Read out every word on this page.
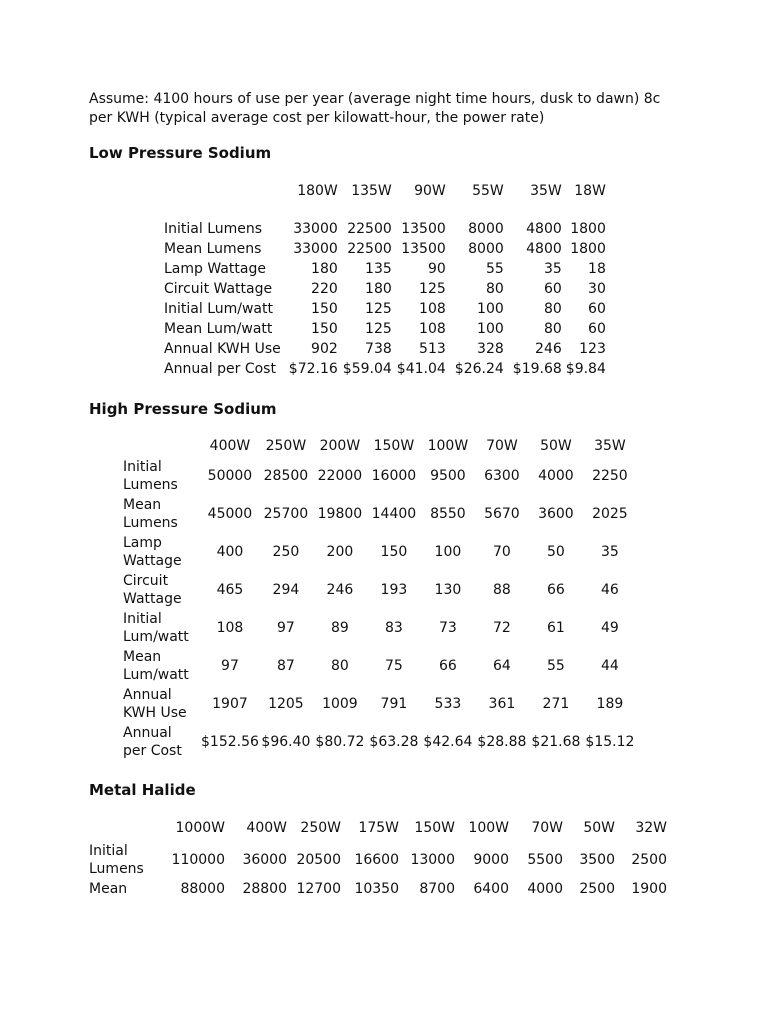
Assume: 4100 hours of use per year (average night time hours, dusk to dawn) 8c per KWH (typical average cost per kilowatt-hour, the power rate)

Low Pressure Sodium
	180W	135W	90W	55W	35W	18W

Initial Lumens	33000	22500	13500	8000	4800	1800
Mean Lumens	33000	22500	13500	8000	4800	1800
Lamp Wattage	180	135	90	55	35	18
Circuit Wattage	220	180	125	80	60	30
Initial Lum/watt	150	125	108	100	80	60
Mean Lum/watt	150	125	108	100	80	60
Annual KWH Use	902	738	513	328	246	123
Annual per Cost	$72.16	$59.04	$41.04	$26.24	$19.68	$9.84
High Pressure Sodium
	400W	250W	200W	150W	100W	70W	50W	35W
Initial
Lumens	50000	28500	22000	16000	9500	6300	4000	2250
Mean
Lumens	45000	25700	19800	14400	8550	5670	3600	2025
Lamp
Wattage	400	250	200	150	100	70	50	35
Circuit
Wattage	465	294	246	193	130	88	66	46
Initial
Lum/watt	108	97	89	83	73	72	61	49
Mean
Lum/watt	97	87	80	75	66	64	55	44
Annual
KWH Use	1907	1205	1009	791	533	361	271	189
Annual
per Cost	$152.56	$96.40	$80.72	$63.28	$42.64	$28.88	$21.68	$15.12
Metal Halide
	1000W	400W	250W	175W	150W	100W	70W	50W	32W
Initial
Lumens	110000	36000	20500	16600	13000	9000	5500	3500	2500
Mean	88000	28800	12700	10350	8700	6400	4000	2500	1900
